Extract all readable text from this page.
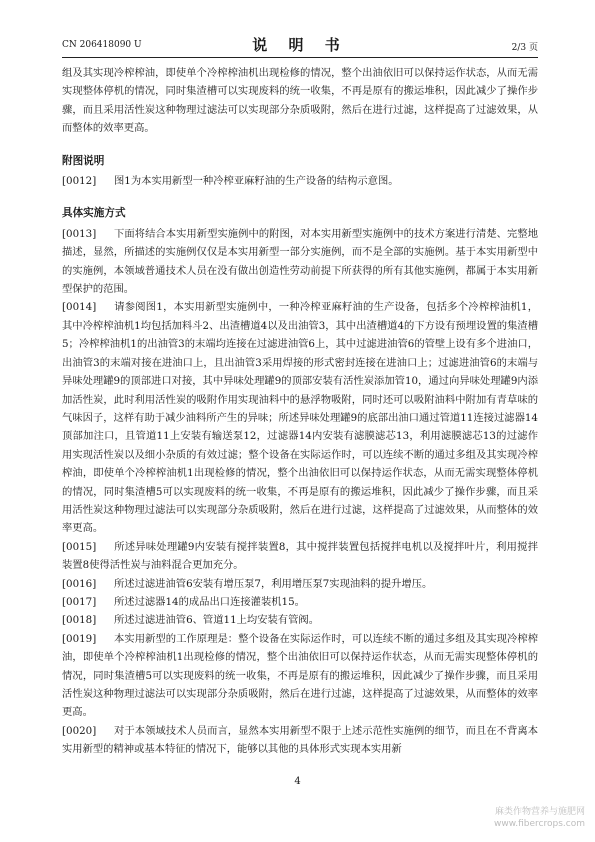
CN 206418090 U	说 明 书	2/3 页

组及其实现冷榨榨油，即使单个冷榨榨油机出现检修的情况，整个出油依旧可以保持运作状态，从而无需实现整体停机的情况，同时集渣槽可以实现废料的统一收集，不再是原有的搬运堆积，因此减少了操作步骤，而且采用活性炭这种物理过滤法可以实现部分杂质吸附，然后在进行过滤，这样提高了过滤效果，从而整体的效率更高。

附图说明

[0012] 图1为本实用新型一种冷榨亚麻籽油的生产设备的结构示意图。

具体实施方式

[0013] 下面将结合本实用新型实施例中的附图，对本实用新型实施例中的技术方案进行清楚、完整地描述，显然，所描述的实施例仅仅是本实用新型一部分实施例，而不是全部的实施例。基于本实用新型中的实施例，本领域普通技术人员在没有做出创造性劳动前提下所获得的所有其他实施例，都属于本实用新型保护的范围。

[0014] 请参阅图1，本实用新型实施例中，一种冷榨亚麻籽油的生产设备，包括多个冷榨榨油机1，其中冷榨榨油机1均包括加料斗2、出渣槽道4以及出油管3，其中出渣槽道4的下方设有预埋设置的集渣槽5；冷榨榨油机1的出油管3的末端均连接在过滤进油管6上，其中过滤进油管6的管壁上设有多个进油口，出油管3的末端对接在进油口上，且出油管3采用焊接的形式密封连接在进油口上；过滤进油管6的末端与异味处理罐9的顶部进口对接，其中异味处理罐9的顶部安装有活性炭添加管10，通过向异味处理罐9内添加活性炭，此时利用活性炭的吸附作用实现油料中的悬浮物吸附，同时还可以吸附油料中附加有青草味的气味因子，这样有助于减少油料所产生的异味；所述异味处理罐9的底部出油口通过管道11连接过滤器14顶部加注口，且管道11上安装有输送泵12，过滤器14内安装有滤膜滤芯13，利用滤膜滤芯13的过滤作用实现活性炭以及细小杂质的有效过滤；整个设备在实际运作时，可以连续不断的通过多组及其实现冷榨榨油，即使单个冷榨榨油机1出现检修的情况，整个出油依旧可以保持运作状态，从而无需实现整体停机的情况，同时集渣槽5可以实现废料的统一收集，不再是原有的搬运堆积，因此减少了操作步骤，而且采用活性炭这种物理过滤法可以实现部分杂质吸附，然后在进行过滤，这样提高了过滤效果，从而整体的效率更高。

[0015] 所述异味处理罐9内安装有搅拌装置8，其中搅拌装置包括搅拌电机以及搅拌叶片，利用搅拌装置8使得活性炭与油料混合更加充分。

[0016] 所述过滤进油管6安装有增压泵7，利用增压泵7实现油料的提升增压。

[0017] 所述过滤器14的成品出口连接灌装机15。

[0018] 所述过滤进油管6、管道11上均安装有管阀。

[0019] 本实用新型的工作原理是：整个设备在实际运作时，可以连续不断的通过多组及其实现冷榨榨油，即使单个冷榨榨油机1出现检修的情况，整个出油依旧可以保持运作状态，从而无需实现整体停机的情况，同时集渣槽5可以实现废料的统一收集，不再是原有的搬运堆积，因此减少了操作步骤，而且采用活性炭这种物理过滤法可以实现部分杂质吸附，然后在进行过滤，这样提高了过滤效果，从而整体的效率更高。

[0020] 对于本领域技术人员而言，显然本实用新型不限于上述示范性实施例的细节，而且在不背离本实用新型的精神或基本特征的情况下，能够以其他的具体形式实现本实用新

4
麻类作物营养与施肥网
www.fibercrops.com
